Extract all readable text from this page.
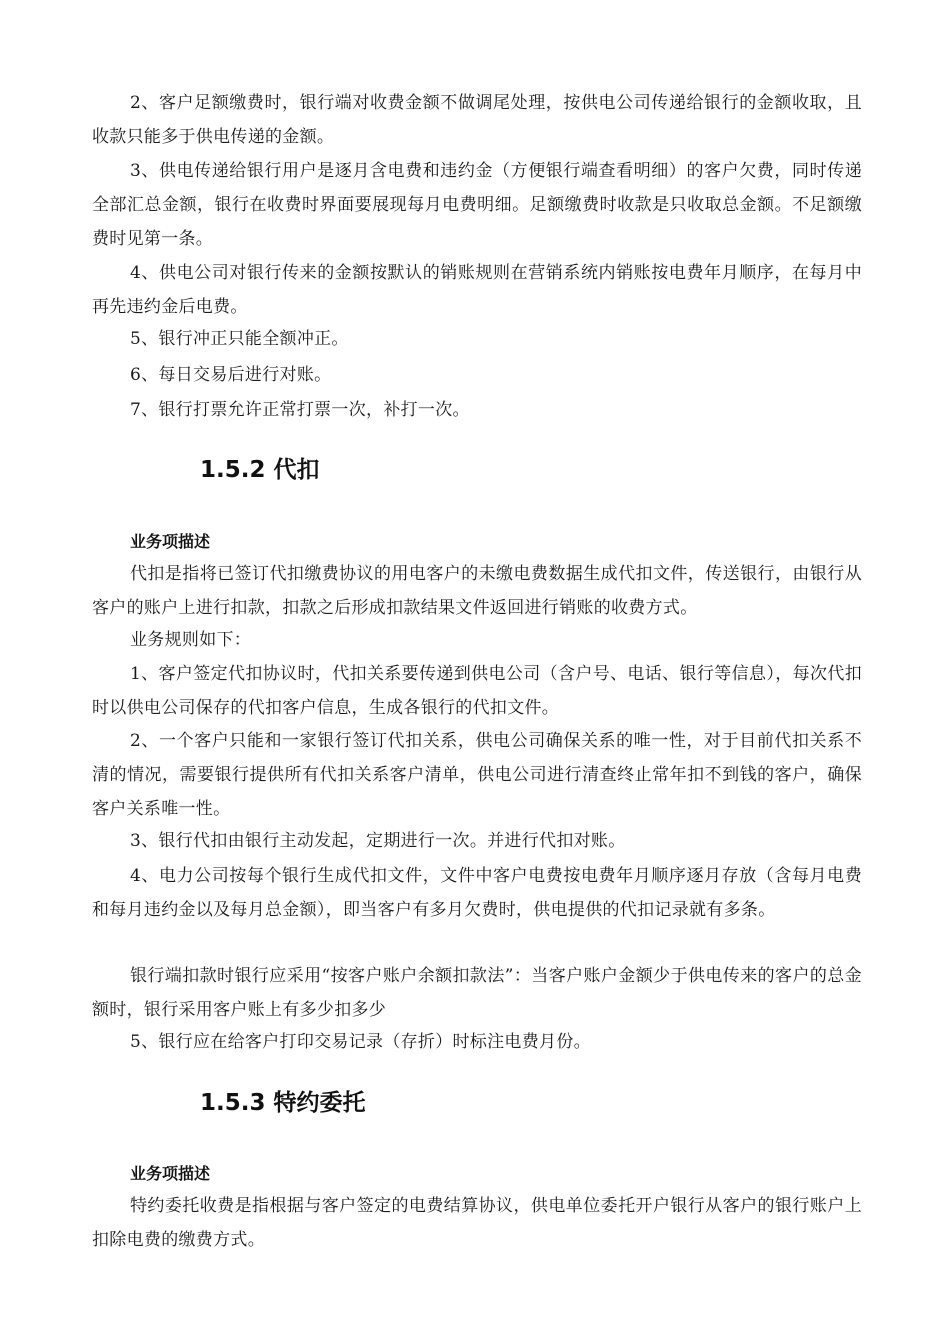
2、客户足额缴费时，银行端对收费金额不做调尾处理，按供电公司传递给银行的金额收取，且收款只能多于供电传递的金额。

3、供电传递给银行用户是逐月含电费和违约金（方便银行端查看明细）的客户欠费，同时传递全部汇总金额，银行在收费时界面要展现每月电费明细。足额缴费时收款是只收取总金额。不足额缴费时见第一条。

4、供电公司对银行传来的金额按默认的销账规则在营销系统内销账按电费年月顺序，在每月中再先违约金后电费。

5、银行冲正只能全额冲正。

6、每日交易后进行对账。

7、银行打票允许正常打票一次，补打一次。

1.5.2 代扣
业务项描述

代扣是指将已签订代扣缴费协议的用电客户的未缴电费数据生成代扣文件，传送银行，由银行从客户的账户上进行扣款，扣款之后形成扣款结果文件返回进行销账的收费方式。

业务规则如下：

1、客户签定代扣协议时，代扣关系要传递到供电公司（含户号、电话、银行等信息），每次代扣时以供电公司保存的代扣客户信息，生成各银行的代扣文件。

2、一个客户只能和一家银行签订代扣关系，供电公司确保关系的唯一性，对于目前代扣关系不清的情况，需要银行提供所有代扣关系客户清单，供电公司进行清查终止常年扣不到钱的客户，确保客户关系唯一性。

3、银行代扣由银行主动发起，定期进行一次。并进行代扣对账。

4、电力公司按每个银行生成代扣文件，文件中客户电费按电费年月顺序逐月存放（含每月电费和每月违约金以及每月总金额），即当客户有多月欠费时，供电提供的代扣记录就有多条。

银行端扣款时银行应采用“按客户账户余额扣款法”：当客户账户金额少于供电传来的客户的总金额时，银行采用客户账上有多少扣多少

5、银行应在给客户打印交易记录（存折）时标注电费月份。

1.5.3 特约委托
业务项描述

特约委托收费是指根据与客户签定的电费结算协议，供电单位委托开户银行从客户的银行账户上扣除电费的缴费方式。
